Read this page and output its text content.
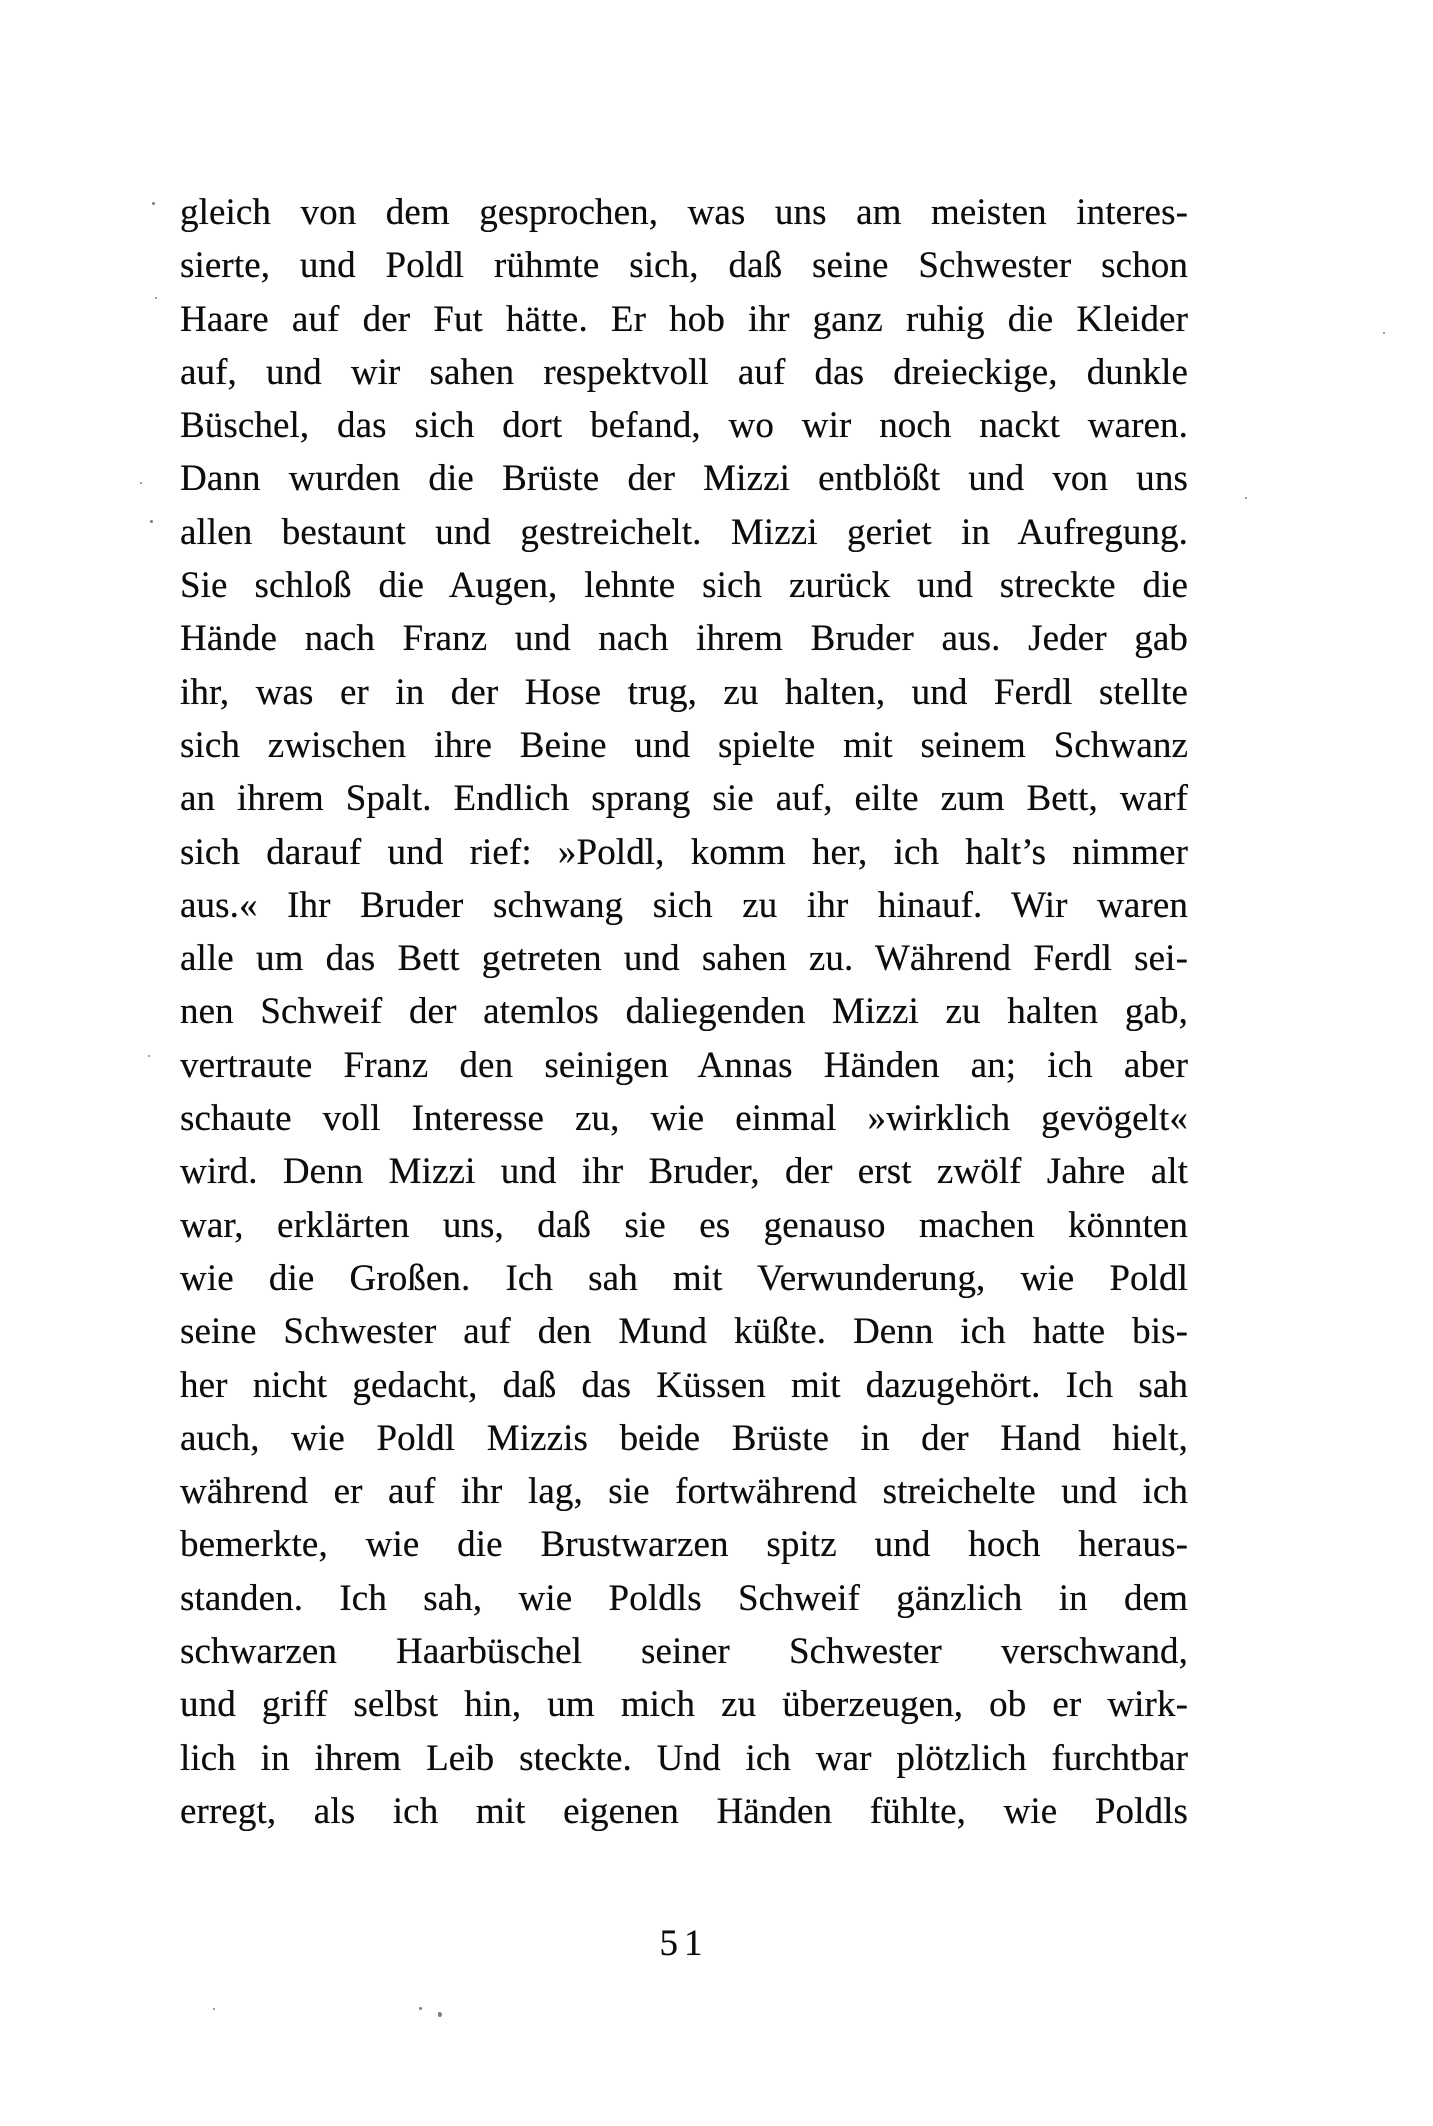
gleich von dem gesprochen, was uns am meisten interes-
sierte, und Poldl rühmte sich, daß seine Schwester schon
Haare auf der Fut hätte. Er hob ihr ganz ruhig die Kleider
auf, und wir sahen respektvoll auf das dreieckige, dunkle
Büschel, das sich dort befand, wo wir noch nackt waren.
Dann wurden die Brüste der Mizzi entblößt und von uns
allen bestaunt und gestreichelt. Mizzi geriet in Aufregung.
Sie schloß die Augen, lehnte sich zurück und streckte die
Hände nach Franz und nach ihrem Bruder aus. Jeder gab
ihr, was er in der Hose trug, zu halten, und Ferdl stellte
sich zwischen ihre Beine und spielte mit seinem Schwanz
an ihrem Spalt. Endlich sprang sie auf, eilte zum Bett, warf
sich darauf und rief: »Poldl, komm her, ich halt’s nimmer
aus.« Ihr Bruder schwang sich zu ihr hinauf. Wir waren
alle um das Bett getreten und sahen zu. Während Ferdl sei-
nen Schweif der atemlos daliegenden Mizzi zu halten gab,
vertraute Franz den seinigen Annas Händen an; ich aber
schaute voll Interesse zu, wie einmal »wirklich gevögelt«
wird. Denn Mizzi und ihr Bruder, der erst zwölf Jahre alt
war, erklärten uns, daß sie es genauso machen könnten
wie die Großen. Ich sah mit Verwunderung, wie Poldl
seine Schwester auf den Mund küßte. Denn ich hatte bis-
her nicht gedacht, daß das Küssen mit dazugehört. Ich sah
auch, wie Poldl Mizzis beide Brüste in der Hand hielt,
während er auf ihr lag, sie fortwährend streichelte und ich
bemerkte, wie die Brustwarzen spitz und hoch heraus-
standen. Ich sah, wie Poldls Schweif gänzlich in dem
schwarzen Haarbüschel seiner Schwester verschwand,
und griff selbst hin, um mich zu überzeugen, ob er wirk-
lich in ihrem Leib steckte. Und ich war plötzlich furchtbar
erregt, als ich mit eigenen Händen fühlte, wie Poldls
51
